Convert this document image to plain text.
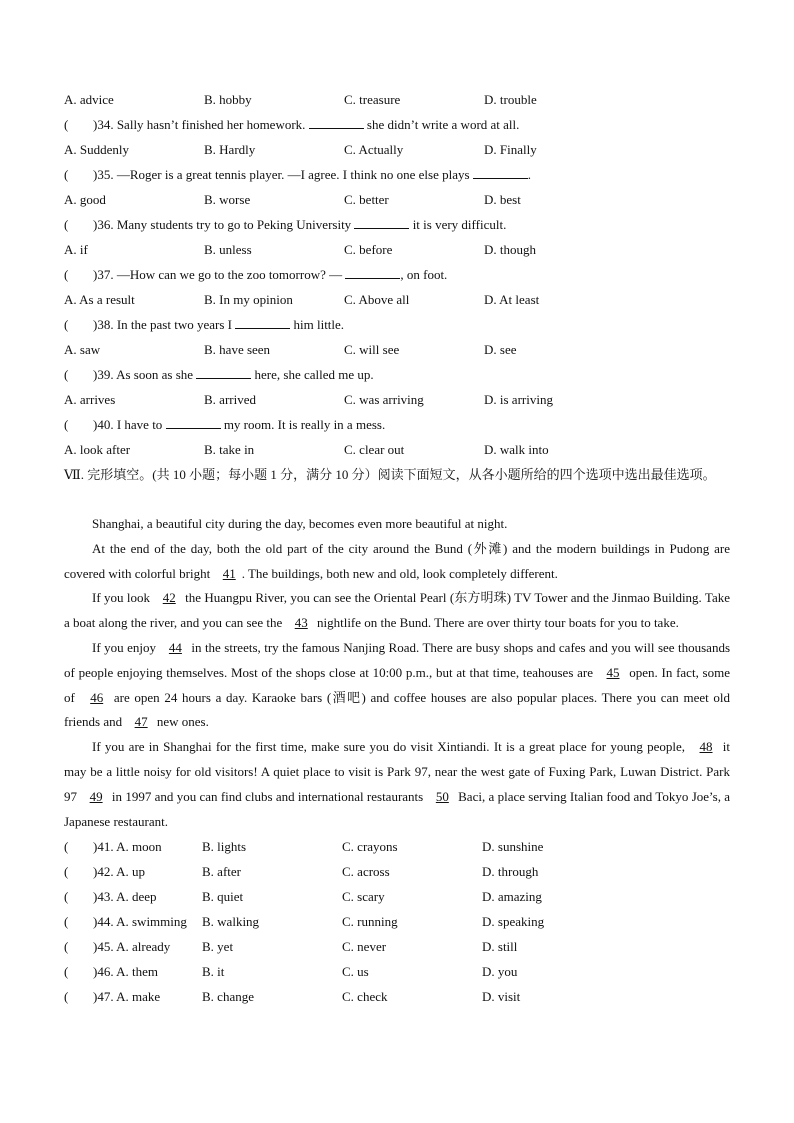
A. advice	B. hobby	C. treasure	D. trouble
(	)34. Sally hasn’t finished her homework.

	she didn’t write a word at all.
A. Suddenly	B. Hardly	C. Actually	D. Finally
(	)35. —Roger is a great tennis player. —I agree. I think no one else plays
	.
A. good	B. worse	C. better	D. best
(	)36. Many students try to go to Peking University

	it is very difficult.
A. if	B. unless	C. before	D. though
(	)37. —How can we go to the zoo tomorrow? —
	, on foot.
A. As a result	B. In my opinion	C. Above all	D. At least
(	)38. In the past two years I

	him little.
A. saw	B. have seen	C. will see	D. see
(	)39. As soon as she

	here, she called me up.
A. arrives	B. arrived	C. was arriving	D. is arriving
(	)40. I have to

	my room. It is really in a mess.
A. look after	B. take in	C. clear out	D. walk into
Ⅶ. 完形填空。(共 10 小题；每小题 1 分，满分 10 分）阅读下面短文，从各小题所给的四个选项中选出最佳选项。
Shanghai, a beautiful city during the day, becomes even more beautiful at night.
At the end of the day, both the old part of the city around the Bund (外滩) and the modern buildings in Pudong are covered with colorful bright 41 . The buildings, both new and old, look completely different.
If you look 42 the Huangpu River, you can see the Oriental Pearl (东方明珠) TV Tower and the Jinmao Building. Take a boat along the river, and you can see the 43 nightlife on the Bund. There are over thirty tour boats for you to take.
If you enjoy 44 in the streets, try the famous Nanjing Road. There are busy shops and cafes and you will see thousands of people enjoying themselves. Most of the shops close at 10:00 p.m., but at that time, teahouses are 45 open. In fact, some of 46 are open 24 hours a day. Karaoke bars (酒吧) and coffee houses are also popular places. There you can meet old friends and 47 new ones.
If you are in Shanghai for the first time, make sure you do visit Xintiandi. It is a great place for young people, 48 it may be a little noisy for old visitors! A quiet place to visit is Park 97, near the west gate of Fuxing Park, Luwan District. Park 97 49 in 1997 and you can find clubs and international restaurants 50 Baci, a place serving Italian food and Tokyo Joe’s, a Japanese restaurant.
(	)41. A. moon	B. lights	C. crayons	D. sunshine
(	)42. A. up	B. after	C. across	D. through
(	)43. A. deep	B. quiet	C. scary	D. amazing
(	)44. A. swimming	B. walking	C. running	D. speaking
(	)45. A. already	B. yet	C. never	D. still
(	)46. A. them	B. it	C. us	D. you
(	)47. A. make	B. change	C. check	D. visit
